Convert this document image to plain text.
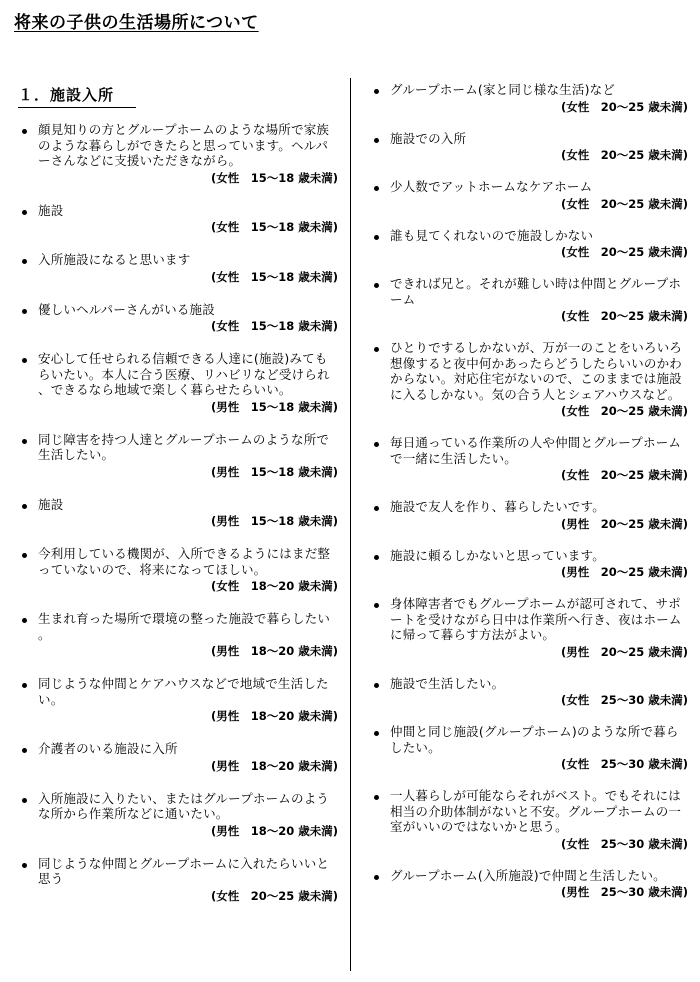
将来の子供の生活場所について
１．施設入所
顔見知りの方とグループホームのような場所で家族のような暮らしができたらと思っています。ヘルパーさんなどに支援いただきながら。
(女性　15～18 歳未満)
施設
(女性　15～18 歳未満)
入所施設になると思います
(女性　15～18 歳未満)
優しいヘルパーさんがいる施設
(女性　15～18 歳未満)
安心して任せられる信頼できる人達に(施設)みてもらいたい。本人に合う医療、リハビリなど受けられ、できるなら地域で楽しく暮らせたらいい。
(男性　15～18 歳未満)
同じ障害を持つ人達とグループホームのような所で生活したい。
(男性　15～18 歳未満)
施設
(男性　15～18 歳未満)
今利用している機関が、入所できるようにはまだ整っていないので、将来になってほしい。
(女性　18～20 歳未満)
生まれ育った場所で環境の整った施設で暮らしたい。
(男性　18～20 歳未満)
同じような仲間とケアハウスなどで地域で生活したい。
(男性　18～20 歳未満)
介護者のいる施設に入所
(男性　18～20 歳未満)
入所施設に入りたい、またはグループホームのような所から作業所などに通いたい。
(男性　18～20 歳未満)
同じような仲間とグループホームに入れたらいいと思う
(女性　20～25 歳未満)
グループホーム(家と同じ様な生活)など
(女性　20～25 歳未満)
施設での入所
(女性　20～25 歳未満)
少人数でアットホームなケアホーム
(女性　20～25 歳未満)
誰も見てくれないので施設しかない
(女性　20～25 歳未満)
できれば兄と。それが難しい時は仲間とグループホーム
(女性　20～25 歳未満)
ひとりでするしかないが、万が一のことをいろいろ想像すると夜中何かあったらどうしたらいいのかわからない。対応住宅がないので、このままでは施設に入るしかない。気の合う人とシェアハウスなど。
(女性　20～25 歳未満)
毎日通っている作業所の人や仲間とグループホームで一緒に生活したい。
(女性　20～25 歳未満)
施設で友人を作り、暮らしたいです。
(男性　20～25 歳未満)
施設に頼るしかないと思っています。
(男性　20～25 歳未満)
身体障害者でもグループホームが認可されて、サポートを受けながら日中は作業所へ行き、夜はホームに帰って暮らす方法がよい。
(男性　20～25 歳未満)
施設で生活したい。
(女性　25～30 歳未満)
仲間と同じ施設(グループホーム)のような所で暮らしたい。
(女性　25～30 歳未満)
一人暮らしが可能ならそれがベスト。でもそれには相当の介助体制がないと不安。グループホームの一室がいいのではないかと思う。
(女性　25～30 歳未満)
グループホーム(入所施設)で仲間と生活したい。
(男性　25～30 歳未満)
